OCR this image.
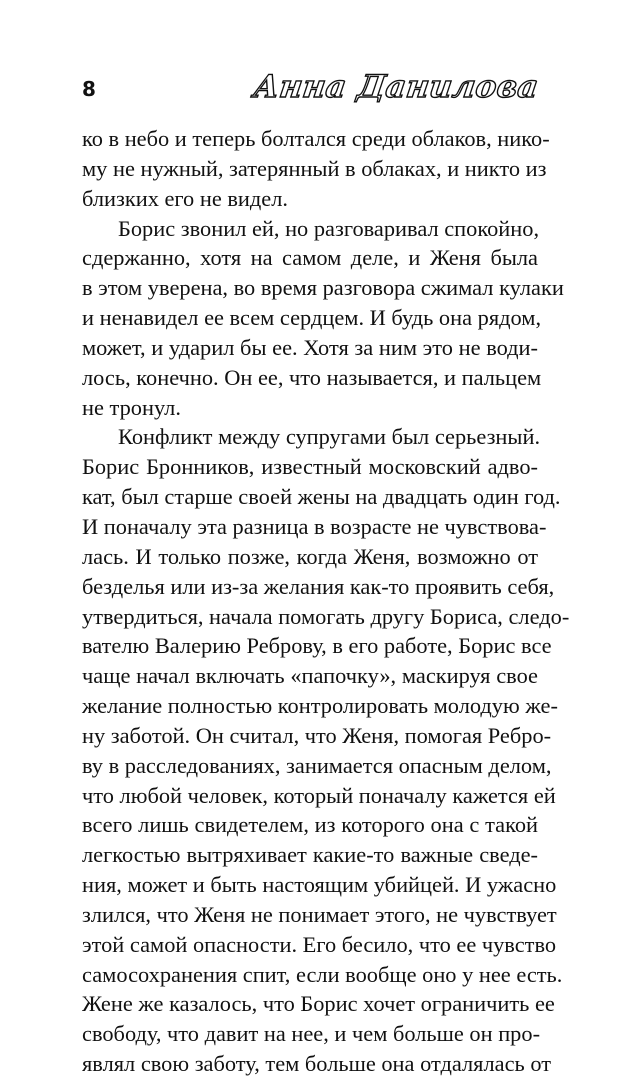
8	Анна Данилова
ко в небо и теперь болтался среди облаков, нико-
му не нужный, затерянный в облаках, и никто из
близких его не видел.
Борис звонил ей, но разговаривал спокойно,
сдержанно, хотя на самом деле, и Женя была
в этом уверена, во время разговора сжимал кулаки
и ненавидел ее всем сердцем. И будь она рядом,
может, и ударил бы ее. Хотя за ним это не води-
лось, конечно. Он ее, что называется, и пальцем
не тронул.
Конфликт между супругами был серьезный.
Борис Бронников, известный московский адво-
кат, был старше своей жены на двадцать один год.
И поначалу эта разница в возрасте не чувствова-
лась. И только позже, когда Женя, возможно от
безделья или из-за желания как-то проявить себя,
утвердиться, начала помогать другу Бориса, следо-
вателю Валерию Реброву, в его работе, Борис все
чаще начал включать «папочку», маскируя свое
желание полностью контролировать молодую же-
ну заботой. Он считал, что Женя, помогая Ребро-
ву в расследованиях, занимается опасным делом,
что любой человек, который поначалу кажется ей
всего лишь свидетелем, из которого она с такой
легкостью вытряхивает какие-то важные сведе-
ния, может и быть настоящим убийцей. И ужасно
злился, что Женя не понимает этого, не чувствует
этой самой опасности. Его бесило, что ее чувство
самосохранения спит, если вообще оно у нее есть.
Жене же казалось, что Борис хочет ограничить ее
свободу, что давит на нее, и чем больше он про-
являл свою заботу, тем больше она отдалялась от
